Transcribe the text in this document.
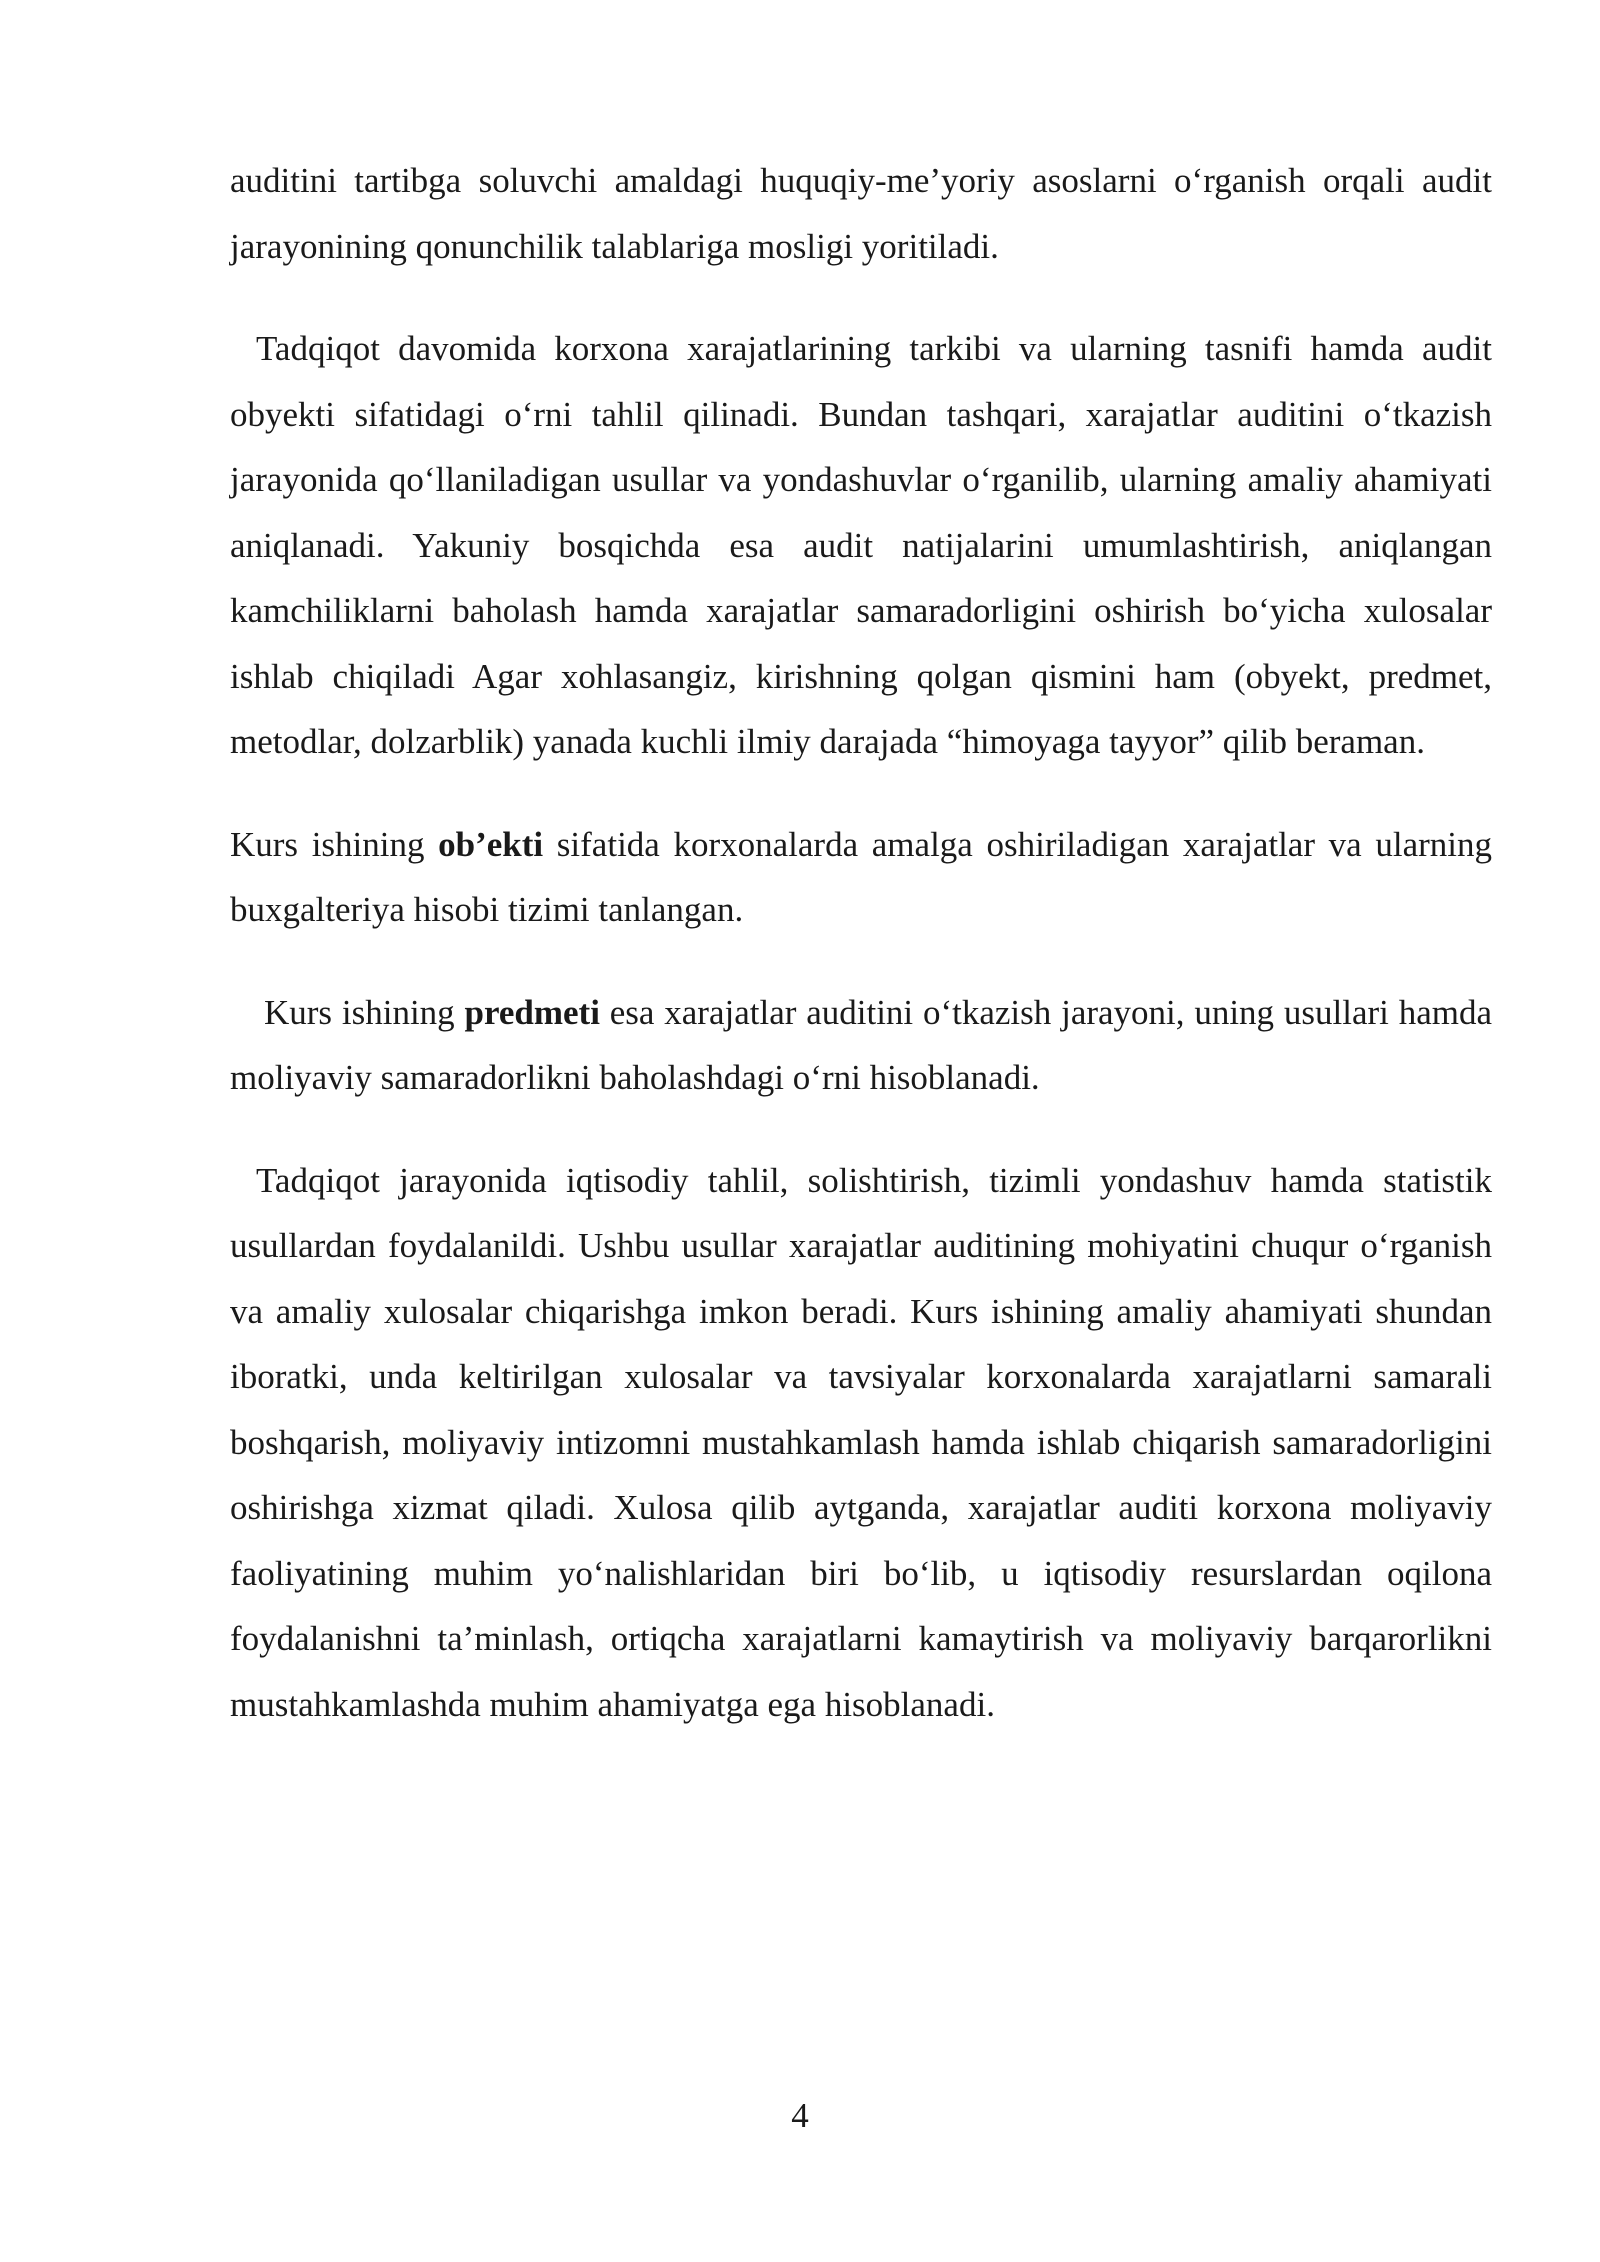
auditini tartibga soluvchi amaldagi huquqiy-me’yoriy asoslarni o‘rganish orqali audit jarayonining qonunchilik talablariga mosligi yoritiladi.

Tadqiqot davomida korxona xarajatlarining tarkibi va ularning tasnifi hamda audit obyekti sifatidagi o‘rni tahlil qilinadi. Bundan tashqari, xarajatlar auditini o‘tkazish jarayonida qo‘llaniladigan usullar va yondashuvlar o‘rganilib, ularning amaliy ahamiyati aniqlanadi. Yakuniy bosqichda esa audit natijalarini umumlashtirish, aniqlangan kamchiliklarni baholash hamda xarajatlar samaradorligini oshirish bo‘yicha xulosalar ishlab chiqiladi Agar xohlasangiz, kirishning qolgan qismini ham (obyekt, predmet, metodlar, dolzarblik) yanada kuchli ilmiy darajada “himoyaga tayyor” qilib beraman.

Kurs ishining ob’ekti sifatida korxonalarda amalga oshiriladigan xarajatlar va ularning buxgalteriya hisobi tizimi tanlangan.

Kurs ishining predmeti esa xarajatlar auditini o‘tkazish jarayoni, uning usullari hamda moliyaviy samaradorlikni baholashdagi o‘rni hisoblanadi.

Tadqiqot jarayonida iqtisodiy tahlil, solishtirish, tizimli yondashuv hamda statistik usullardan foydalanildi. Ushbu usullar xarajatlar auditining mohiyatini chuqur o‘rganish va amaliy xulosalar chiqarishga imkon beradi. Kurs ishining amaliy ahamiyati shundan iboratki, unda keltirilgan xulosalar va tavsiyalar korxonalarda xarajatlarni samarali boshqarish, moliyaviy intizomni mustahkamlash hamda ishlab chiqarish samaradorligini oshirishga xizmat qiladi. Xulosa qilib aytganda, xarajatlar auditi korxona moliyaviy faoliyatining muhim yo‘nalishlaridan biri bo‘lib, u iqtisodiy resurslardan oqilona foydalanishni ta’minlash, ortiqcha xarajatlarni kamaytirish va moliyaviy barqarorlikni mustahkamlashda muhim ahamiyatga ega hisoblanadi.

4
